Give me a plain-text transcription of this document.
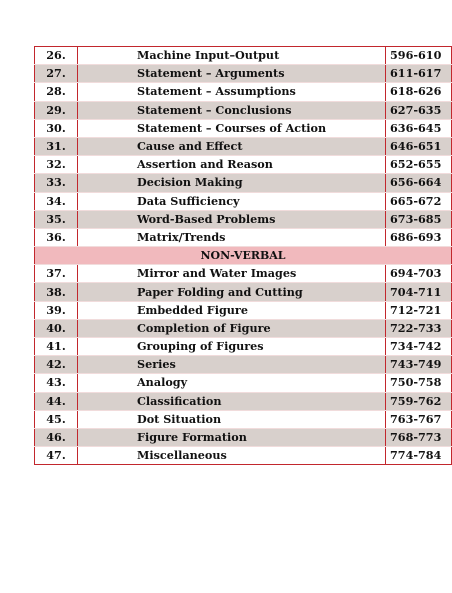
26.	Machine Input–Output	596-610
27.	Statement – Arguments	611-617
28.	Statement – Assumptions	618-626
29.	Statement – Conclusions	627-635
30.	Statement – Courses of Action	636-645
31.	Cause and Effect	646-651
32.	Assertion and Reason	652-655
33.	Decision Making	656-664
34.	Data Sufficiency	665-672
35.	Word-Based Problems	673-685
36.	Matrix/Trends	686-693
NON-VERBAL		
37.	Mirror and Water Images	694-703
38.	Paper Folding and Cutting	704-711
39.	Embedded Figure	712-721
40.	Completion of Figure	722-733
41.	Grouping of Figures	734-742
42.	Series	743-749
43.	Analogy	750-758
44.	Classification	759-762
45.	Dot Situation	763-767
46.	Figure Formation	768-773
47.	Miscellaneous	774-784
